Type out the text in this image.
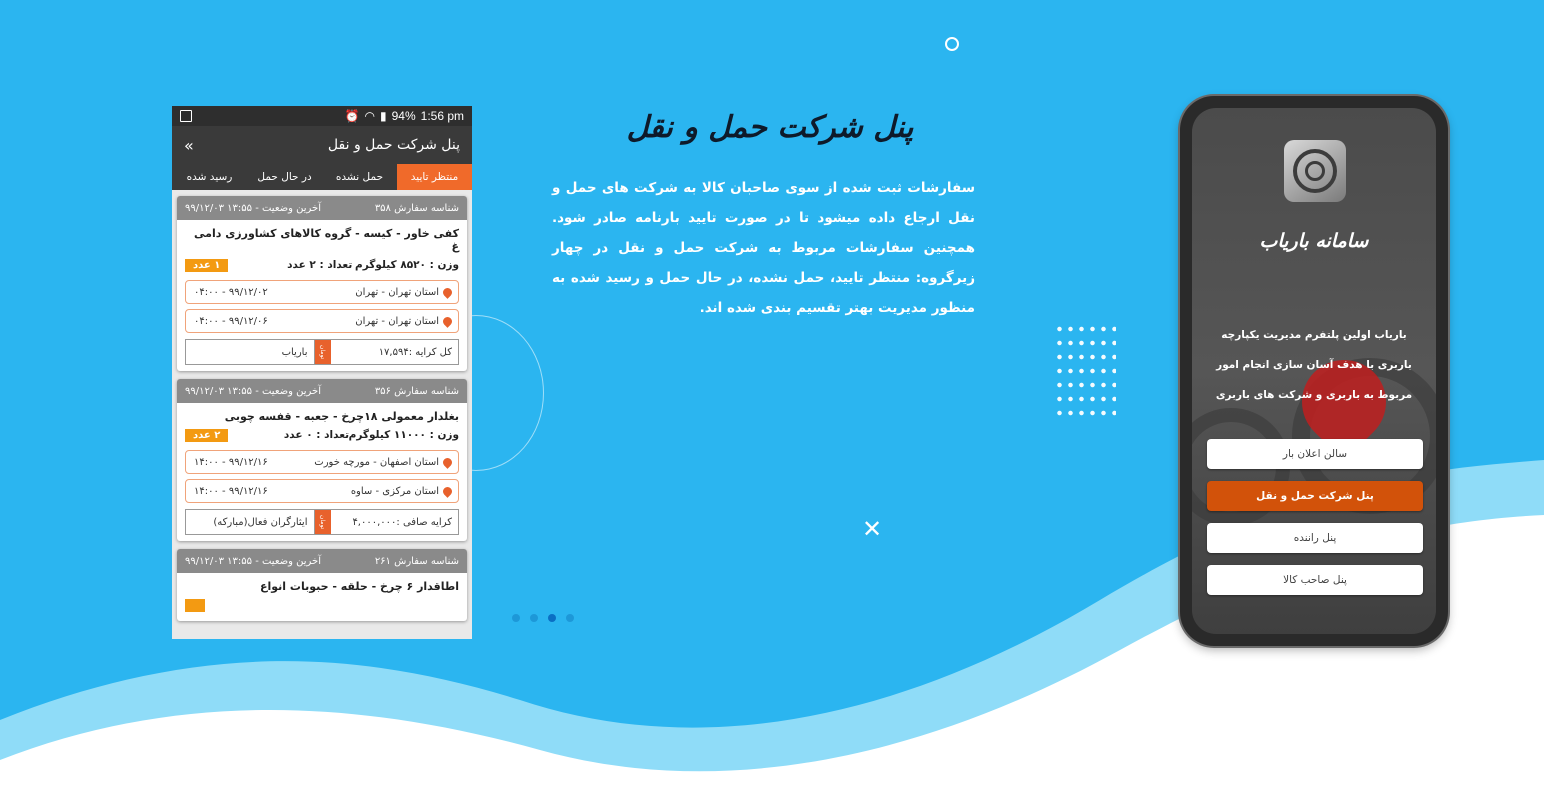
✕
⏰ ◠ ▮ 94% 1:56 pm
پنل شرکت حمل و نقل
»
منتظر تایید
حمل نشده
در حال حمل
رسید شده
شناسه سفارش ۳۵۸
آخرین وضعیت - ۱۳:۵۵ ۹۹/۱۲/۰۳
کفی خاور - کیسه - گروه کالاهای کشاورزی دامی غ
وزن : ۸۵۲۰ کیلوگرم
تعداد : ۲ عدد
۱ عدد
استان تهران - تهران
۹۹/۱۲/۰۲ - ۰۴:۰۰
استان تهران - تهران
۹۹/۱۲/۰۶ - ۰۴:۰۰
کل کرایه :۱۷,۵۹۴
تومان
باریاب
شناسه سفارش ۳۵۶
آخرین وضعیت - ۱۳:۵۵ ۹۹/۱۲/۰۳
بغلدار معمولی ۱۸چرخ - جعبه - قفسه چوبی
وزن : ۱۱۰۰۰ کیلوگرم
تعداد : ۰ عدد
۲ عدد
استان اصفهان - مورچه خورت
۹۹/۱۲/۱۶ - ۱۴:۰۰
استان مرکزی - ساوه
۹۹/۱۲/۱۶ - ۱۴:۰۰
کرایه صافی :۴,۰۰۰,۰۰۰
تومان
ایثارگران فعال(مبارکه)
شناسه سفارش ۲۶۱
آخرین وضعیت - ۱۳:۵۵ ۹۹/۱۲/۰۳
اطاقدار ۶ چرخ - حلقه - حبوبات انواع

پنل شرکت حمل و نقل
سفارشات ثبت شده از سوی صاحبان کالا به شرکت های حمل و نقل ارجاع داده میشود تا در صورت تایید بارنامه صادر شود. همچنین سفارشات مربوط به شرکت حمل و نقل در چهار زیرگروه: منتظر تایید، حمل نشده، در حال حمل و رسید شده به منظور مدیریت بهتر تقسیم بندی شده اند.
سامانه باریاب
باریاب اولین پلتفرم مدیریت یکپارچه باربری با هدف آسان سازی انجام امور مربوط به باربری و شرکت های باربری
سالن اعلان بار
پنل شرکت حمل و نقل
پنل راننده
پنل صاحب کالا
